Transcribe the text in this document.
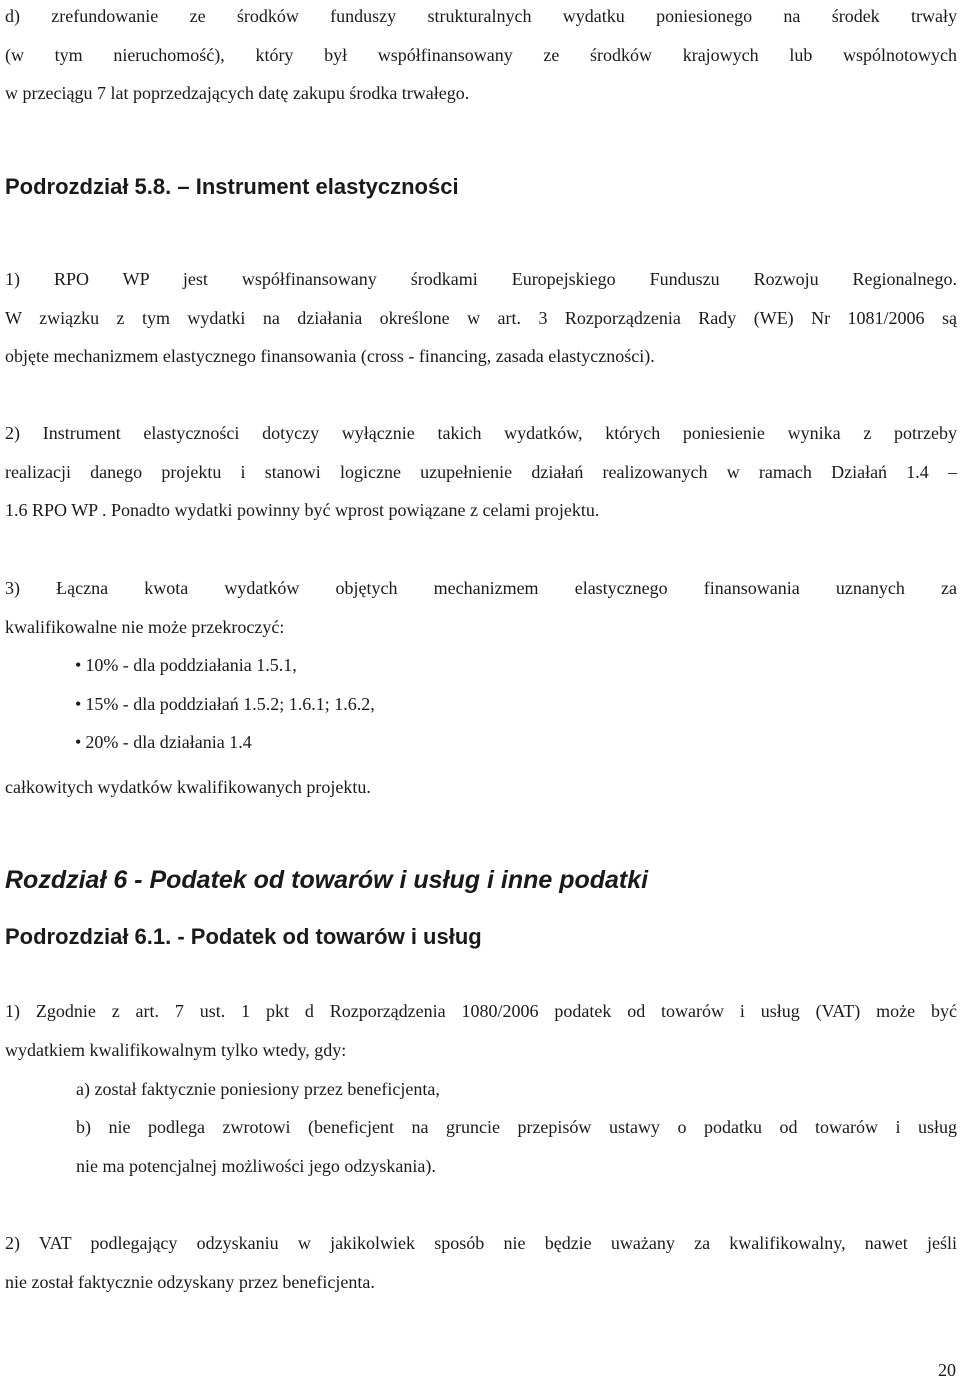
d) zrefundowanie ze środków funduszy strukturalnych wydatku poniesionego na środek trwały
(w tym nieruchomość), który był współfinansowany ze środków krajowych lub wspólnotowych
w przeciągu 7 lat poprzedzających datę zakupu środka trwałego.
Podrozdział 5.8. – Instrument elastyczności
1) RPO WP jest współfinansowany środkami Europejskiego Funduszu Rozwoju Regionalnego.
W związku z tym wydatki na działania określone w art. 3 Rozporządzenia Rady (WE) Nr 1081/2006 są
objęte mechanizmem elastycznego finansowania (cross - financing, zasada elastyczności).
2) Instrument elastyczności dotyczy wyłącznie takich wydatków, których poniesienie wynika z potrzeby
realizacji danego projektu i stanowi logiczne uzupełnienie działań realizowanych w ramach Działań 1.4 –
1.6 RPO WP . Ponadto wydatki powinny być wprost powiązane z celami projektu.
3) Łączna kwota wydatków objętych mechanizmem elastycznego finansowania uznanych za
kwalifikowalne nie może przekroczyć:
• 10% - dla poddziałania 1.5.1,
• 15% - dla poddziałań 1.5.2; 1.6.1; 1.6.2,
• 20% - dla działania 1.4
całkowitych wydatków kwalifikowanych projektu.
Rozdział 6 - Podatek od towarów i usług i inne podatki
Podrozdział 6.1. - Podatek od towarów i usług
1) Zgodnie z art. 7 ust. 1 pkt d Rozporządzenia 1080/2006 podatek od towarów i usług (VAT) może być
wydatkiem kwalifikowalnym tylko wtedy, gdy:
a) został faktycznie poniesiony przez beneficjenta,
b) nie podlega zwrotowi (beneficjent na gruncie przepisów ustawy o podatku od towarów i usług
nie ma potencjalnej możliwości jego odzyskania).
2) VAT podlegający odzyskaniu w jakikolwiek sposób nie będzie uważany za kwalifikowalny, nawet jeśli
nie został faktycznie odzyskany przez beneficjenta.
20
